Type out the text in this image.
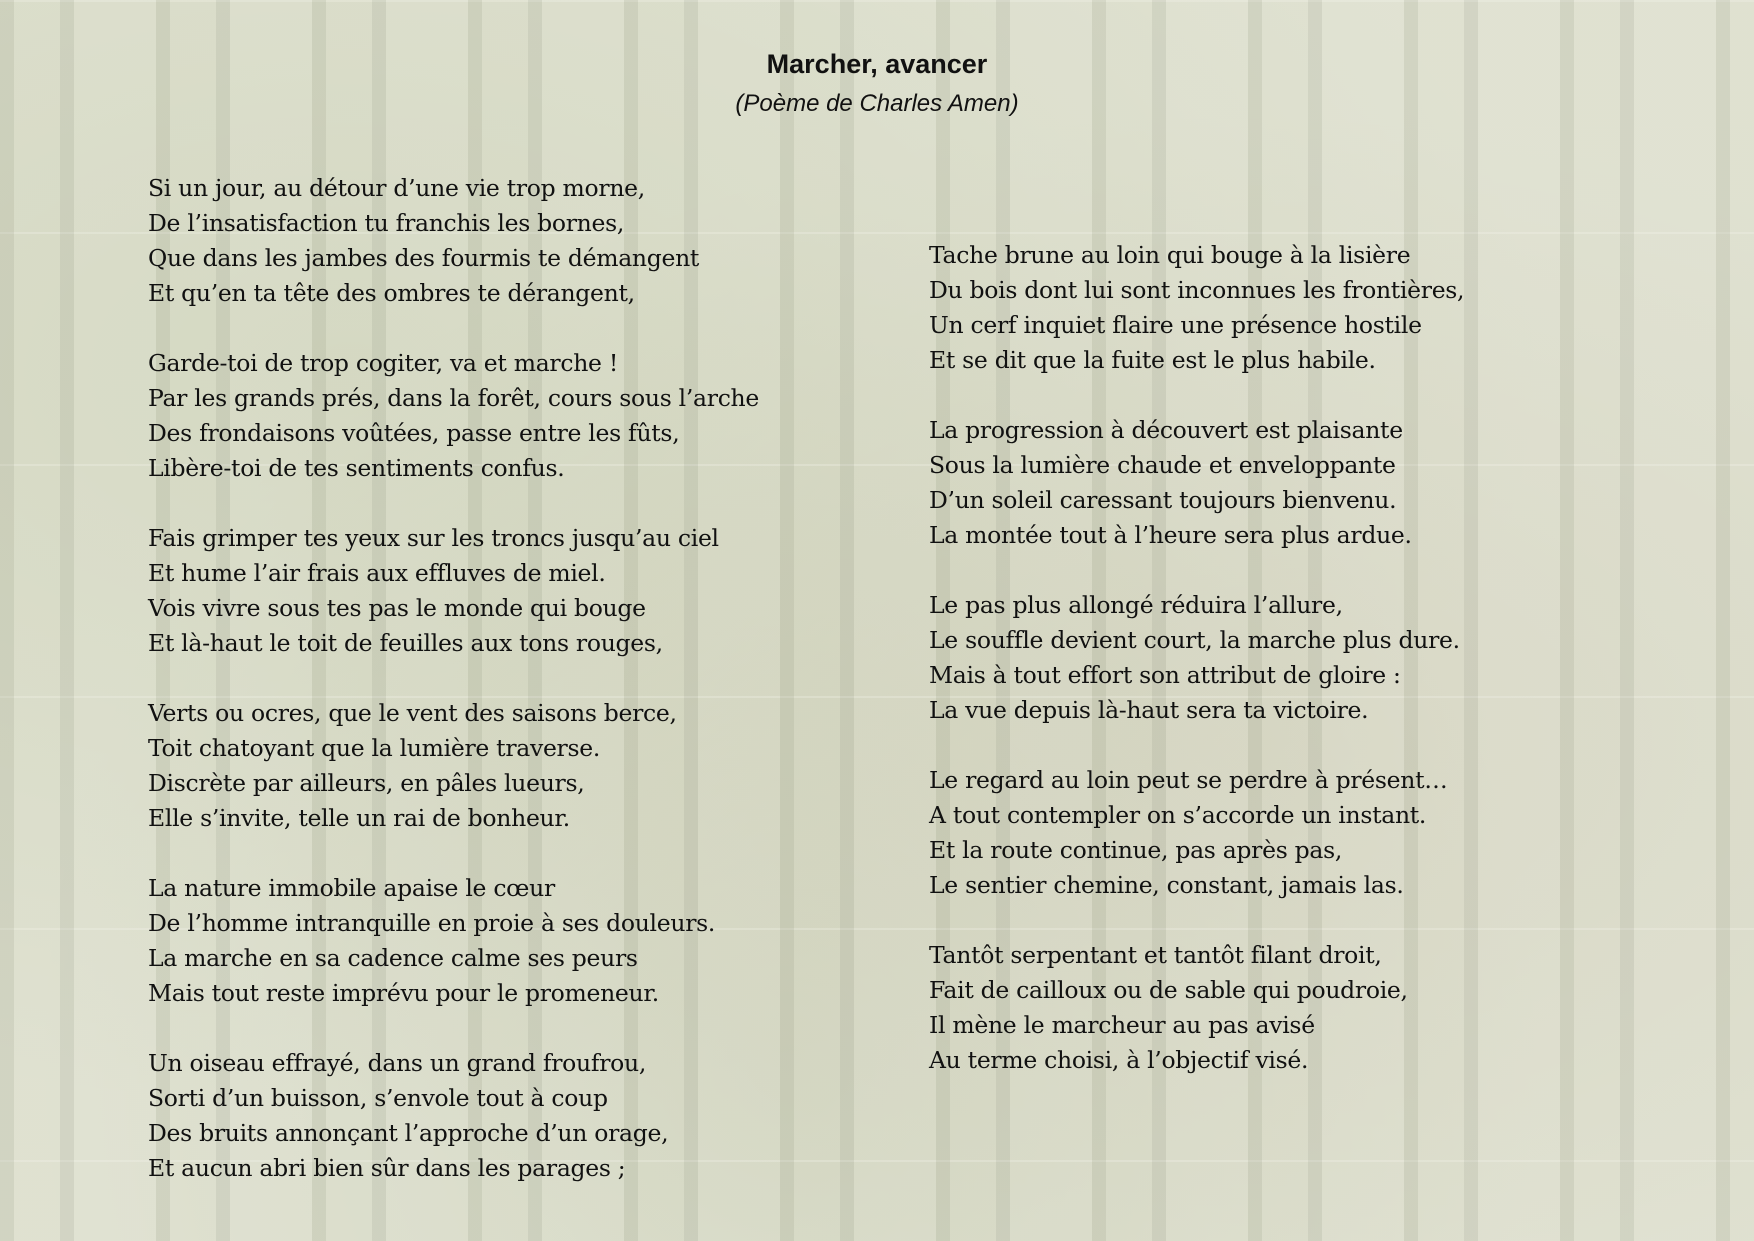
Marcher, avancer

(Poème de Charles Amen)

Si un jour, au détour d’une vie trop morne,
De l’insatisfaction tu franchis les bornes,
Que dans les jambes des fourmis te démangent
Et qu’en ta tête des ombres te dérangent,
Garde-toi de trop cogiter, va et marche !
Par les grands prés, dans la forêt, cours sous l’arche
Des frondaisons voûtées, passe entre les fûts,
Libère-toi de tes sentiments confus.
Fais grimper tes yeux sur les troncs jusqu’au ciel
Et hume l’air frais aux effluves de miel.
Vois vivre sous tes pas le monde qui bouge
Et là-haut le toit de feuilles aux tons rouges,
Verts ou ocres, que le vent des saisons berce,
Toit chatoyant que la lumière traverse.
Discrète par ailleurs, en pâles lueurs,
Elle s’invite, telle un rai de bonheur.
La nature immobile apaise le cœur
De l’homme intranquille en proie à ses douleurs.
La marche en sa cadence calme ses peurs
Mais tout reste imprévu pour le promeneur.
Un oiseau effrayé, dans un grand froufrou,
Sorti d’un buisson, s’envole tout à coup
Des bruits annonçant l’approche d’un orage,
Et aucun abri bien sûr dans les parages ;
Tache brune au loin qui bouge à la lisière
Du bois dont lui sont inconnues les frontières,
Un cerf inquiet flaire une présence hostile
Et se dit que la fuite est le plus habile.
La progression à découvert est plaisante
Sous la lumière chaude et enveloppante
D’un soleil caressant toujours bienvenu.
La montée tout à l’heure sera plus ardue.
Le pas plus allongé réduira l’allure,
Le souffle devient court, la marche plus dure.
Mais à tout effort son attribut de gloire :
La vue depuis là-haut sera ta victoire.
Le regard au loin peut se perdre à présent…
A tout contempler on s’accorde un instant.
Et la route continue, pas après pas,
Le sentier chemine, constant, jamais las.
Tantôt serpentant et tantôt filant droit,
Fait de cailloux ou de sable qui poudroie,
Il mène le marcheur au pas avisé
Au terme choisi, à l’objectif visé.
